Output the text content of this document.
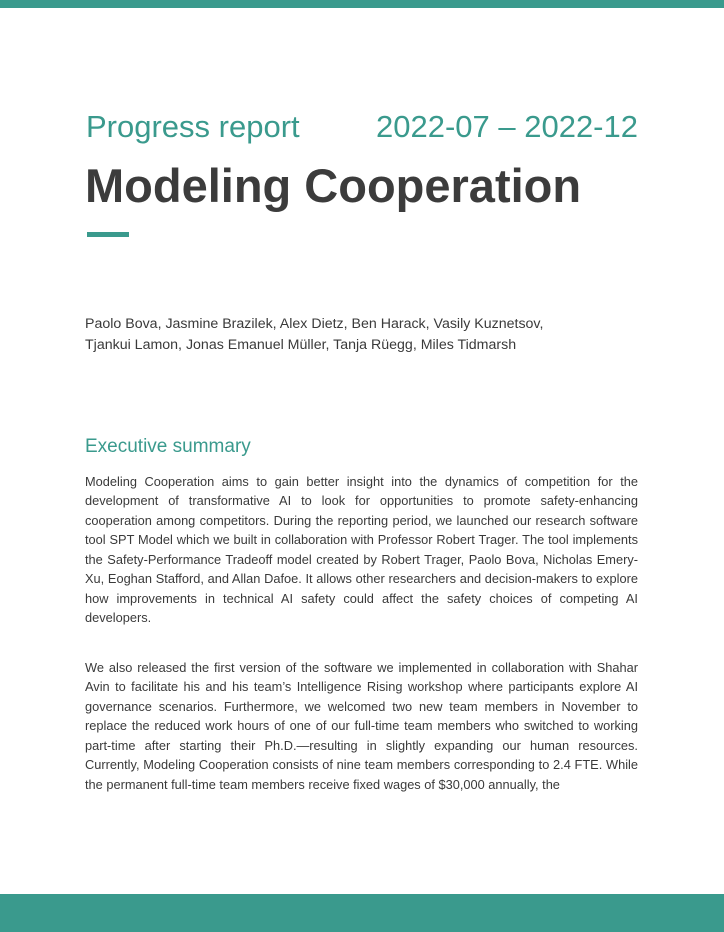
Progress report 2022-07 – 2022-12
Modeling Cooperation
Paolo Bova, Jasmine Brazilek, Alex Dietz, Ben Harack, Vasily Kuznetsov,
Tjankui Lamon, Jonas Emanuel Müller, Tanja Rüegg, Miles Tidmarsh
Executive summary

Modeling Cooperation aims to gain better insight into the dynamics of competition for the development of transformative AI to look for opportunities to promote safety-enhancing cooperation among competitors. During the reporting period, we launched our research software tool SPT Model which we built in collaboration with Professor Robert Trager. The tool implements the Safety-Performance Tradeoff model created by Robert Trager, Paolo Bova, Nicholas Emery-Xu, Eoghan Stafford, and Allan Dafoe. It allows other researchers and decision-makers to explore how improvements in technical AI safety could affect the safety choices of competing AI developers.

We also released the first version of the software we implemented in collaboration with Shahar Avin to facilitate his and his team’s Intelligence Rising workshop where participants explore AI governance scenarios. Furthermore, we welcomed two new team members in November to replace the reduced work hours of one of our full-time team members who switched to working part-time after starting their Ph.D.—resulting in slightly expanding our human resources. Currently, Modeling Cooperation consists of nine team members corresponding to 2.4 FTE. While the permanent full-time team members receive fixed wages of $30,000 annually, the
